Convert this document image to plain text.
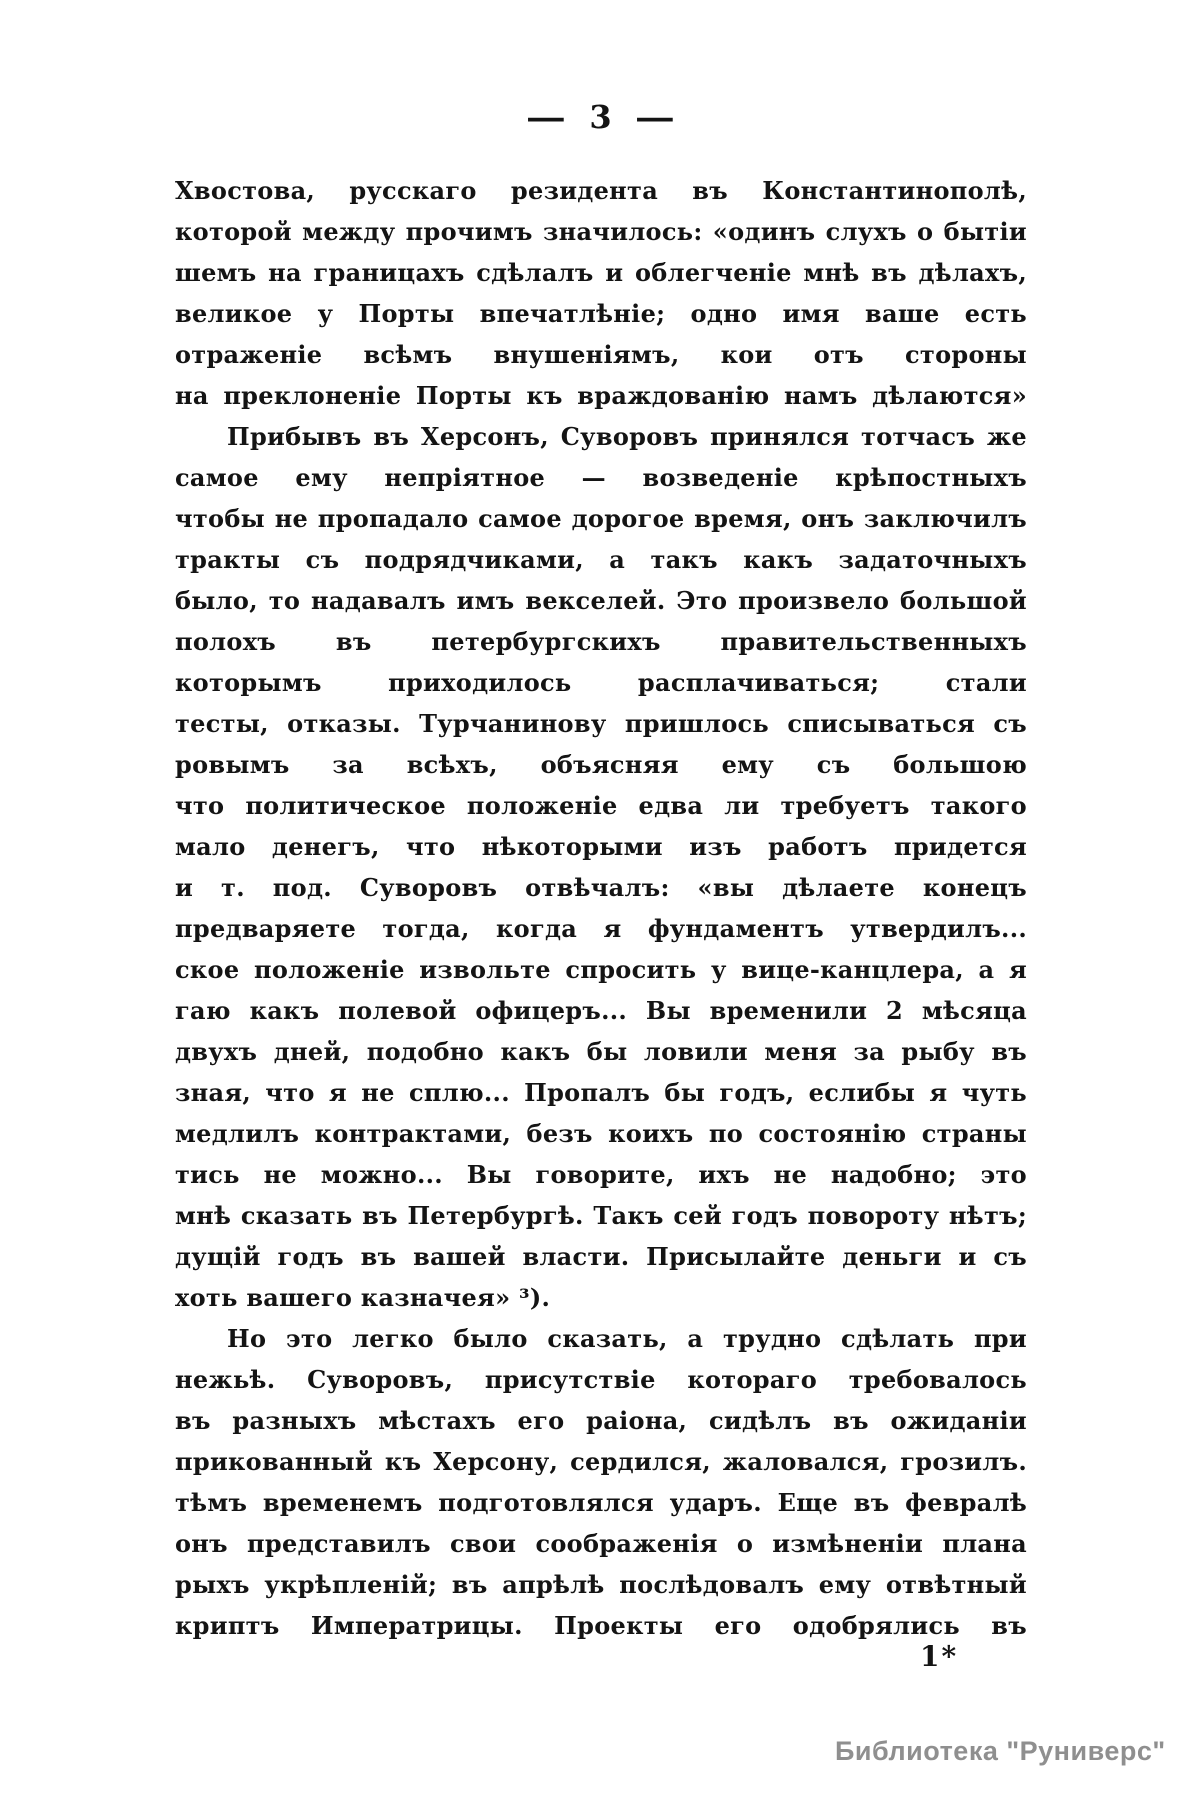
— 3 —
Хвостова, русскаго резидента въ Константинополѣ,
которой между прочимъ значилось: «одинъ слухъ о бытіи
шемъ на границахъ сдѣлалъ и облегченіе мнѣ въ дѣлахъ,
великое у Порты впечатлѣніе; одно имя ваше есть
отраженіе всѣмъ внушеніямъ, кои отъ стороны
на преклоненіе Порты къ враждованію намъ дѣлаются»
Прибывъ въ Херсонъ, Суворовъ принялся тотчасъ же
самое ему непріятное — возведеніе крѣпостныхъ
чтобы не пропадало самое дорогое время, онъ заключилъ
тракты съ подрядчиками, а такъ какъ задаточныхъ
было, то надавалъ имъ векселей. Это произвело большой
полохъ въ петербургскихъ правительственныхъ
которымъ приходилось расплачиваться; стали
тесты, отказы. Турчанинову пришлось списываться съ
ровымъ за всѣхъ, объясняя ему съ большою
что политическое положеніе едва ли требуетъ такого
мало денегъ, что нѣкоторыми изъ работъ придется
и т. под. Суворовъ отвѣчалъ: «вы дѣлаете конецъ
предваряете тогда, когда я фундаментъ утвердилъ...
ское положеніе извольте спросить у вице-канцлера, а я
гаю какъ полевой офицеръ... Вы временили 2 мѣсяца
двухъ дней, подобно какъ бы ловили меня за рыбу въ
зная, что я не сплю... Пропалъ бы годъ, еслибы я чуть
медлилъ контрактами, безъ коихъ по состоянію страны
тись не можно... Вы говорите, ихъ не надобно; это
мнѣ сказать въ Петербургѣ. Такъ сей годъ повороту нѣтъ;
дущій годъ въ вашей власти. Присылайте деньги и съ
хоть вашего казначея» ³).
Но это легко было сказать, а трудно сдѣлать при
нежьѣ. Суворовъ, присутствіе котораго требовалось
въ разныхъ мѣстахъ его раіона, сидѣлъ въ ожиданіи
прикованный къ Херсону, сердился, жаловался, грозилъ.
тѣмъ временемъ подготовлялся ударъ. Еще въ февралѣ
онъ представилъ свои соображенія о измѣненіи плана
рыхъ укрѣпленій; въ апрѣлѣ послѣдовалъ ему отвѣтный
криптъ Императрицы. Проекты его одобрялись въ
1*
Библиотека "Руниверс"
